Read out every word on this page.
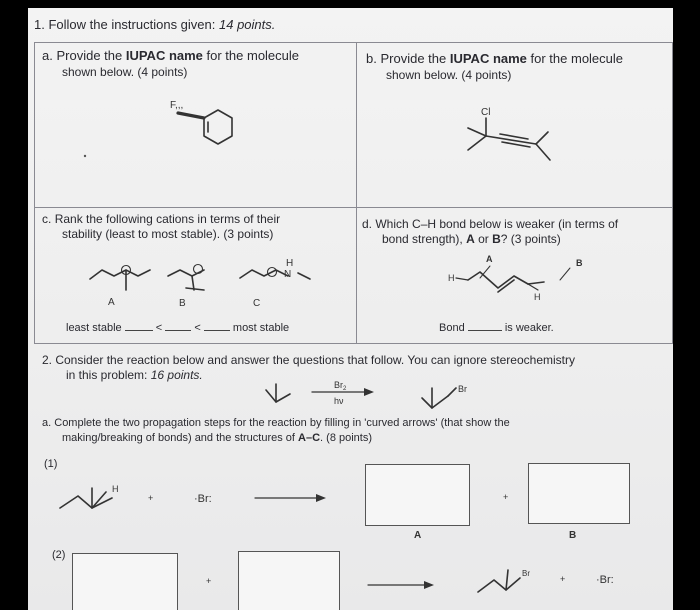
1. Follow the instructions given: 14 points.
a. Provide the IUPAC name for the molecule
shown below. (4 points)
F,,,
b. Provide the IUPAC name for the molecule
shown below. (4 points)
Cl
c. Rank the following cations in terms of their
stability (least to most stable). (3 points)
H
N
A	B	C
least stable	<	<	most stable
d. Which C–H bond below is weaker (in terms of
bond strength), A or B? (3 points)
A	B
H
H
Bond	is weaker.
2. Consider the reaction below and answer the questions that follow. You can ignore stereochemistry
in this problem: 16 points.
$Br_2$
hν
Br
a. Complete the two propagation steps for the reaction by filling in 'curved arrows' (that show the
making/breaking of bonds) and the structures of A–C. (8 points)
(1)
(2)
H
+	·Br:	+
A	B
+
Br
+	·Br:
